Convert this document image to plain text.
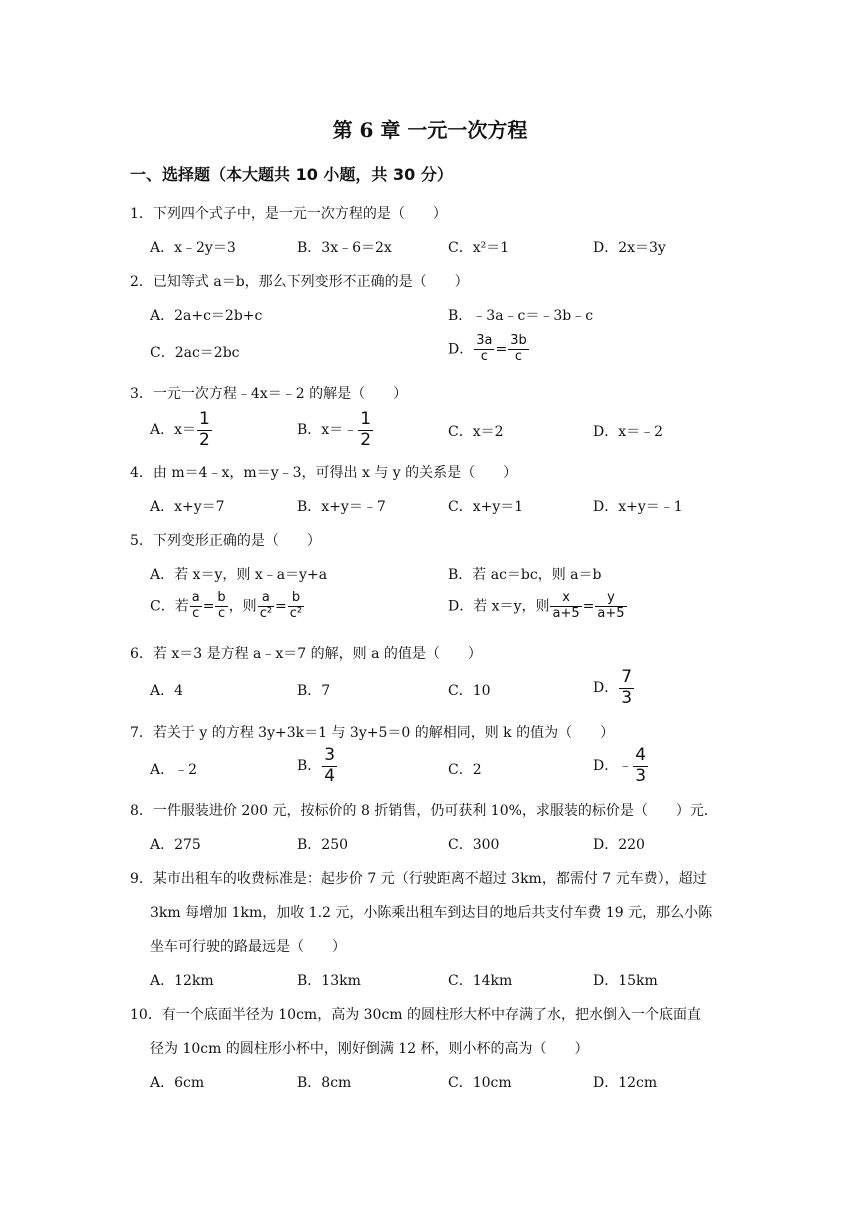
第 6 章 一元一次方程
一、选择题（本大题共 10 小题，共 30 分）
1．下列四个式子中，是一元一次方程的是（　　）
A．x﹣2y＝3	B．3x﹣6＝2x	C．x²＝1	D．2x＝3y
2．已知等式 a＝b，那么下列变形不正确的是（　　）
A．2a+c＝2b+c	B．﹣3a﹣c＝﹣3b﹣c
C．2ac＝2bc	D． $\frac{3a}{c} = \frac{3b}{c}$
3．一元一次方程﹣4x＝﹣2 的解是（　　）
A．$x= \frac{1}{2}$	B．x＝﹣ $\frac{1}{2}$	C．x＝2	D．x＝﹣2
4．由 m＝4﹣x，m＝y﹣3，可得出 x 与 y 的关系是（　　）
A．x+y＝7	B．x+y＝﹣7	C．x+y＝1	D．x+y＝﹣1
5．下列变形正确的是（　　）
A．若 x＝y，则 x﹣a＝y+a	B．若 ac＝bc，则 a＝b
C．若 $\frac{a}{c} = \frac{b}{c}$ ，则 $\frac{a}{\text{c²}} = \frac{b}{\text{c²}}$	D．若 x＝y，则 $\frac{x}{a+5} = \frac{y}{a+5}$
6．若 x＝3 是方程 a﹣x＝7 的解，则 a 的值是（　　）
A．4	B．7	C．10	D． $\frac{7}{3}$
7．若关于 y 的方程 3y+3k＝1 与 3y+5＝0 的解相同，则 k 的值为（　　）
A．﹣2	B． $\frac{3}{4}$	C．2	D．﹣ $\frac{4}{3}$
8．一件服装进价 200 元，按标价的 8 折销售，仍可获利 10%，求服装的标价是（　　）元．
A．275	B．250	C．300	D．220
9．某市出租车的收费标准是：起步价 7 元（行驶距离不超过 3km，都需付 7 元车费），超过
3km 每增加 1km，加收 1.2 元，小陈乘出租车到达目的地后共支付车费 19 元，那么小陈
坐车可行驶的路最远是（　　）
A．12km	B．13km	C．14km	D．15km
10．有一个底面半径为 10cm，高为 30cm 的圆柱形大杯中存满了水，把水倒入一个底面直
径为 10cm 的圆柱形小杯中，刚好倒满 12 杯，则小杯的高为（　　）
A．6cm	B．8cm	C．10cm	D．12cm
